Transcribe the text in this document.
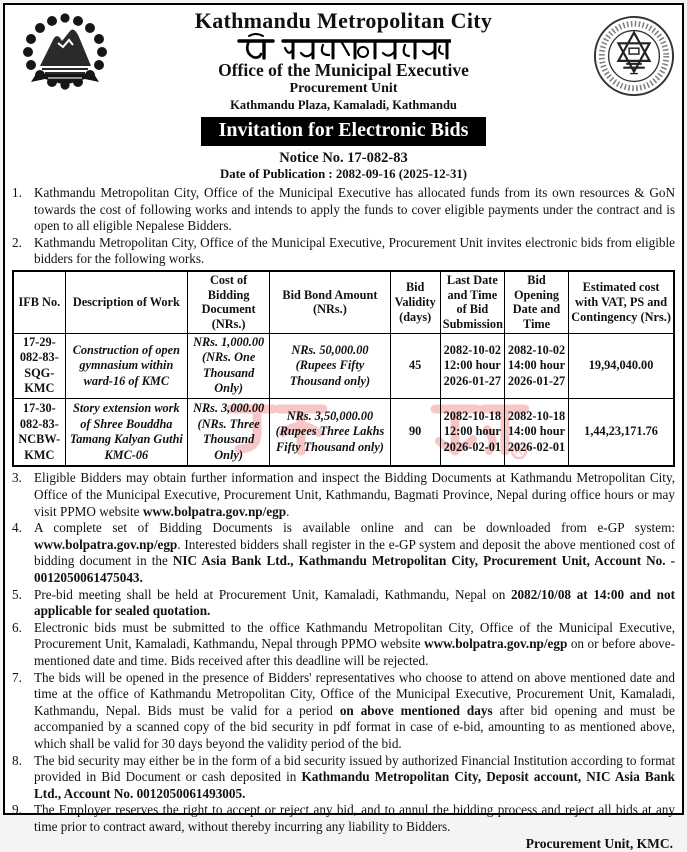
Kathmandu Metropolitan City
Office of the Municipal Executive
Procurement Unit
Kathmandu Plaza, Kamaladi, Kathmandu
Invitation for Electronic Bids
Notice No. 17-082-83
Date of Publication : 2082-09-16 (2025-12-31)
1. Kathmandu Metropolitan City, Office of the Municipal Executive has allocated funds from its own resources & GoN towards the cost of following works and intends to apply the funds to cover eligible payments under the contract and is open to all eligible Nepalese Bidders.
2. Kathmandu Metropolitan City, Office of the Municipal Executive, Procurement Unit invites electronic bids from eligible bidders for the following works.
IFB No.	Description of Work	Cost of Bidding Document (NRs.)	Bid Bond Amount (NRs.)	Bid Validity (days)	Last Date and Time of Bid Submission	Bid Opening Date and Time	Estimated cost with VAT, PS and Contingency (Nrs.)
17-29-082-83-SQG-KMC	Construction of open gymnasium within ward-16 of KMC	NRs. 1,000.00 (NRs. One Thousand Only)	NRs. 50,000.00 (Rupees Fifty Thousand only)	45	2082-10-02 12:00 hour 2026-01-27	2082-10-02 14:00 hour 2026-01-27	19,94,040.00
17-30-082-83-NCBW-KMC	Story extension work of Shree Bouddha Tamang Kalyan Guthi KMC-06	NRs. 3,000.00 (NRs. Three Thousand Only)	NRs. 3,50,000.00 (Rupees Three Lakhs Fifty Thousand only)	90	2082-10-18 12:00 hour 2026-02-01	2082-10-18 14:00 hour 2026-02-01	1,44,23,171.76
3. Eligible Bidders may obtain further information and inspect the Bidding Documents at Kathmandu Metropolitan City, Office of the Municipal Executive, Procurement Unit, Kathmandu, Bagmati Province, Nepal during office hours or may visit PPMO website www.bolpatra.gov.np/egp.
4. A complete set of Bidding Documents is available online and can be downloaded from e-GP system: www.bolpatra.gov.np/egp. Interested bidders shall register in the e-GP system and deposit the above mentioned cost of bidding document in the NIC Asia Bank Ltd., Kathmandu Metropolitan City, Procurement Unit, Account No. - 0012050061475043.
5. Pre-bid meeting shall be held at Procurement Unit, Kamaladi, Kathmandu, Nepal on 2082/10/08 at 14:00 and not applicable for sealed quotation.
6. Electronic bids must be submitted to the office Kathmandu Metropolitan City, Office of the Municipal Executive, Procurement Unit, Kamaladi, Kathmandu, Nepal through PPMO website www.bolpatra.gov.np/egp on or before above-mentioned date and time. Bids received after this deadline will be rejected.
7. The bids will be opened in the presence of Bidders' representatives who choose to attend on above mentioned date and time at the office of Kathmandu Metropolitan City, Office of the Municipal Executive, Procurement Unit, Kamaladi, Kathmandu, Nepal. Bids must be valid for a period on above mentioned days after bid opening and must be accompanied by a scanned copy of the bid security in pdf format in case of e-bid, amounting to as mentioned above, which shall be valid for 30 days beyond the validity period of the bid.
8. The bid security may either be in the form of a bid security issued by authorized Financial Institution according to format provided in Bid Document or cash deposited in Kathmandu Metropolitan City, Deposit account, NIC Asia Bank Ltd., Account No. 0012050061493005.
9. The Employer reserves the right to accept or reject any bid, and to annul the bidding process and reject all bids at any time prior to contract award, without thereby incurring any liability to Bidders.
Procurement Unit, KMC.
